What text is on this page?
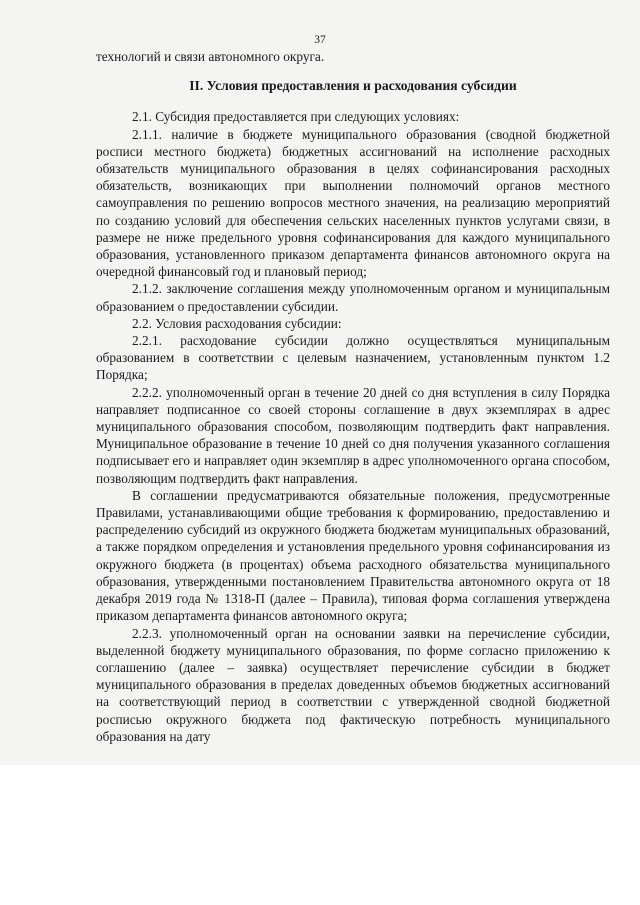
37

технологий и связи автономного округа.

II. Условия предоставления и расходования субсидии

2.1. Субсидия предоставляется при следующих условиях:

2.1.1. наличие в бюджете муниципального образования (сводной бюджетной росписи местного бюджета) бюджетных ассигнований на исполнение расходных обязательств муниципального образования в целях софинансирования расходных обязательств, возникающих при выполнении полномочий органов местного самоуправления по решению вопросов местного значения, на реализацию мероприятий по созданию условий для обеспечения сельских населенных пунктов услугами связи, в размере не ниже предельного уровня софинансирования для каждого муниципального образования, установленного приказом департамента финансов автономного округа на очередной финансовый год и плановый период;

2.1.2. заключение соглашения между уполномоченным органом и муниципальным образованием о предоставлении субсидии.

2.2. Условия расходования субсидии:

2.2.1. расходование субсидии должно осуществляться муниципальным образованием в соответствии с целевым назначением, установленным пунктом 1.2 Порядка;

2.2.2. уполномоченный орган в течение 20 дней со дня вступления в силу Порядка направляет подписанное со своей стороны соглашение в двух экземплярах в адрес муниципального образования способом, позволяющим подтвердить факт направления. Муниципальное образование в течение 10 дней со дня получения указанного соглашения подписывает его и направляет один экземпляр в адрес уполномоченного органа способом, позволяющим подтвердить факт направления.

В соглашении предусматриваются обязательные положения, предусмотренные Правилами, устанавливающими общие требования к формированию, предоставлению и распределению субсидий из окружного бюджета бюджетам муниципальных образований, а также порядком определения и установления предельного уровня софинансирования из окружного бюджета (в процентах) объема расходного обязательства муниципального образования, утвержденными постановлением Правительства автономного округа от 18 декабря 2019 года № 1318-П (далее – Правила), типовая форма соглашения утверждена приказом департамента финансов автономного округа;

2.2.3. уполномоченный орган на основании заявки на перечисление субсидии, выделенной бюджету муниципального образования, по форме согласно приложению к соглашению (далее – заявка) осуществляет перечисление субсидии в бюджет муниципального образования в пределах доведенных объемов бюджетных ассигнований на соответствующий период в соответствии с утвержденной сводной бюджетной росписью окружного бюджета под фактическую потребность муниципального образования на дату
